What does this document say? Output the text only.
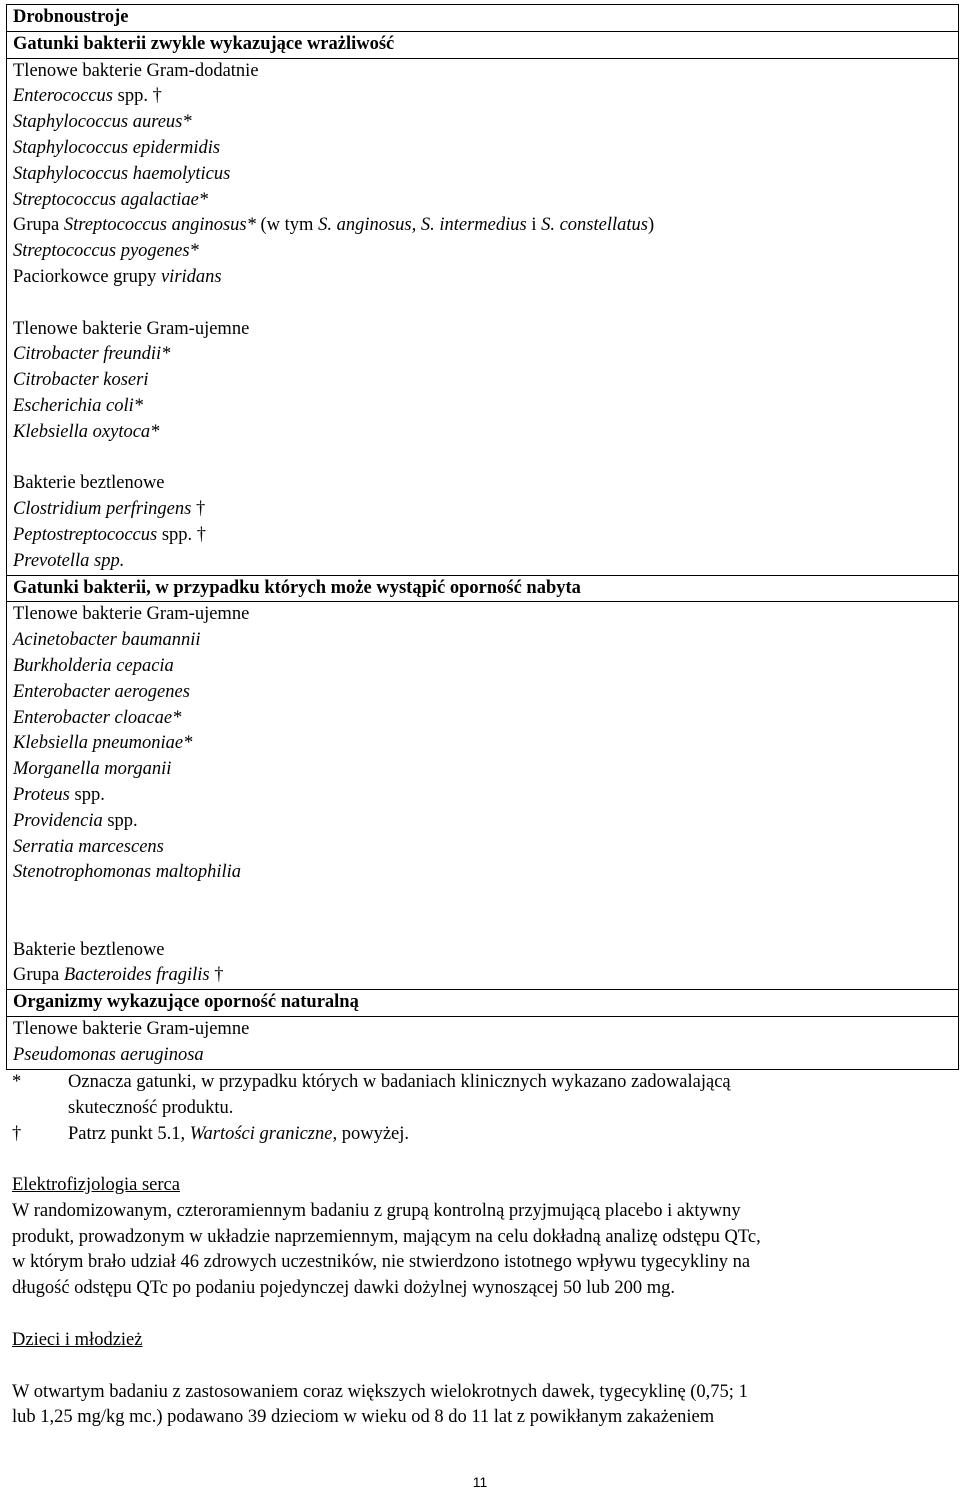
Drobnoustroje
Gatunki bakterii zwykle wykazujące wrażliwość
Tlenowe bakterie Gram-dodatnie
Enterococcus spp. †
Staphylococcus aureus*
Staphylococcus epidermidis
Staphylococcus haemolyticus
Streptococcus agalactiae*
Grupa Streptococcus anginosus* (w tym S. anginosus, S. intermedius i S. constellatus)
Streptococcus pyogenes*
Paciorkowce grupy viridans
Tlenowe bakterie Gram-ujemne
Citrobacter freundii*
Citrobacter koseri
Escherichia coli*
Klebsiella oxytoca*
Bakterie beztlenowe
Clostridium perfringens †
Peptostreptococcus spp. †
Prevotella spp.
Gatunki bakterii, w przypadku których może wystąpić oporność nabyta
Tlenowe bakterie Gram-ujemne
Acinetobacter baumannii
Burkholderia cepacia
Enterobacter aerogenes
Enterobacter cloacae*
Klebsiella pneumoniae*
Morganella morganii
Proteus spp.
Providencia spp.
Serratia marcescens
Stenotrophomonas maltophilia
Bakterie beztlenowe
Grupa Bacteroides fragilis †
Organizmy wykazujące oporność naturalną
Tlenowe bakterie Gram-ujemne
Pseudomonas aeruginosa
*	Oznacza gatunki, w przypadku których w badaniach klinicznych wykazano zadowalającą
skuteczność produktu.
†	Patrz punkt 5.1, Wartości graniczne, powyżej.
Elektrofizjologia serca
W randomizowanym, czteroramiennym badaniu z grupą kontrolną przyjmującą placebo i aktywny
produkt, prowadzonym w układzie naprzemiennym, mającym na celu dokładną analizę odstępu QTc,
w którym brało udział 46 zdrowych uczestników, nie stwierdzono istotnego wpływu tygecykliny na
długość odstępu QTc po podaniu pojedynczej dawki dożylnej wynoszącej 50 lub 200 mg.
Dzieci i młodzież
W otwartym badaniu z zastosowaniem coraz większych wielokrotnych dawek, tygecyklinę (0,75; 1
lub 1,25 mg/kg mc.) podawano 39 dzieciom w wieku od 8 do 11 lat z powikłanym zakażeniem
11
